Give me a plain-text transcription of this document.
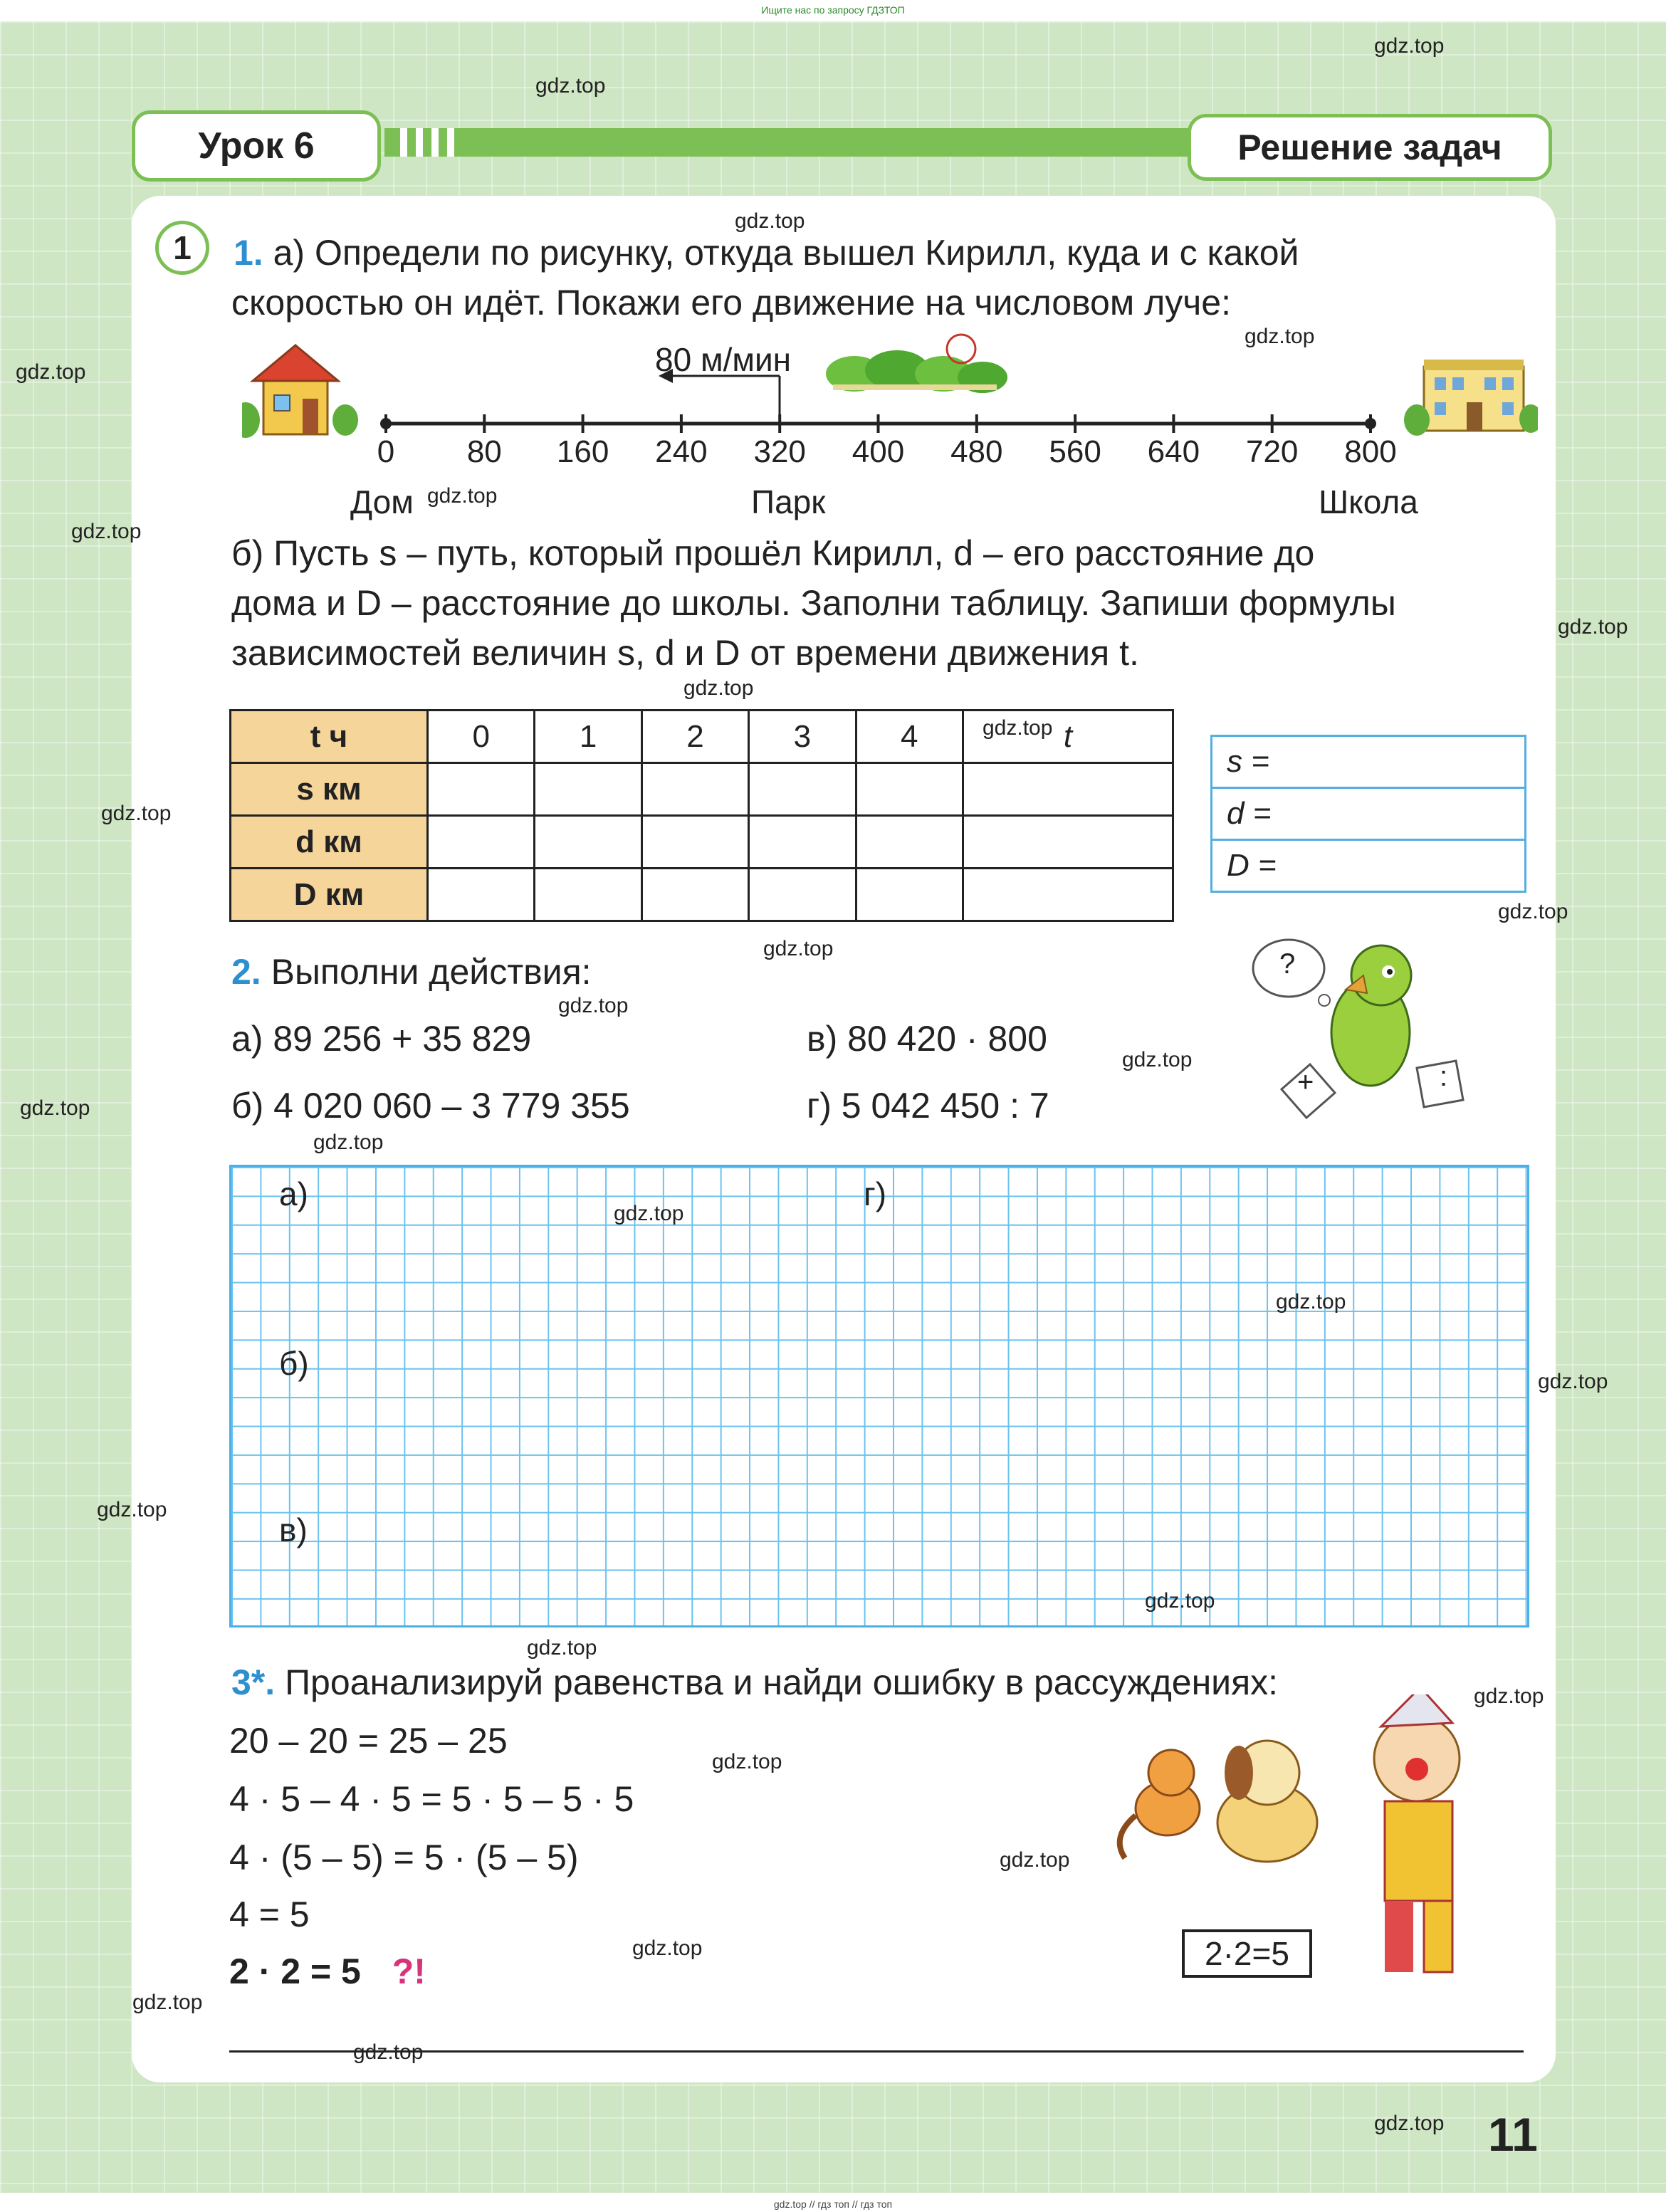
Ищите нас по запросу ГДЗТОП
Урок 6	Решение задач
1	1. а) Определи по рисунку, откуда вышел Кирилл, куда и с какой
скоростью он идёт. Покажи его движение на числовом луче:
80 м/мин
0	80	160	240	320	400	480	560	640	720	800
Дом	Парк	Школа
б) Пусть s – путь, который прошёл Кирилл, d – его расстояние до
дома и D – расстояние до школы. Заполни таблицу. Запиши формулы
зависимостей величин s, d и D от времени движения t.
t ч	0	1	2	3	4	t
s км						
d км						
D км						
s =
d =
D =
2. Выполни действия:
а) 89 256 + 35 829
б) 4 020 060 – 3 779 355
в) 80 420 · 800
г) 5 042 450 : 7
?
+	:
а)
б)
в)
г)
3*. Проанализируй равенства и найди ошибку в рассуждениях:
20 – 20 = 25 – 25
4 · 5 – 4 · 5 = 5 · 5 – 5 · 5
4 · (5 – 5) = 5 · (5 – 5)
4 = 5
2 · 2 = 5 ?!	2·2=5
11
gdz.top // гдз топ // гдз топ
gdz.top
gdz.top
gdz.top
gdz.top
gdz.top
gdz.top
gdz.top
gdz.top
gdz.top
gdz.top
gdz.top
gdz.top
gdz.top
gdz.top
gdz.top
gdz.top
gdz.top
gdz.top
gdz.top
gdz.top
gdz.top
gdz.top
gdz.top
gdz.top
gdz.top
gdz.top
gdz.top
gdz.top
gdz.top
gdz.top
